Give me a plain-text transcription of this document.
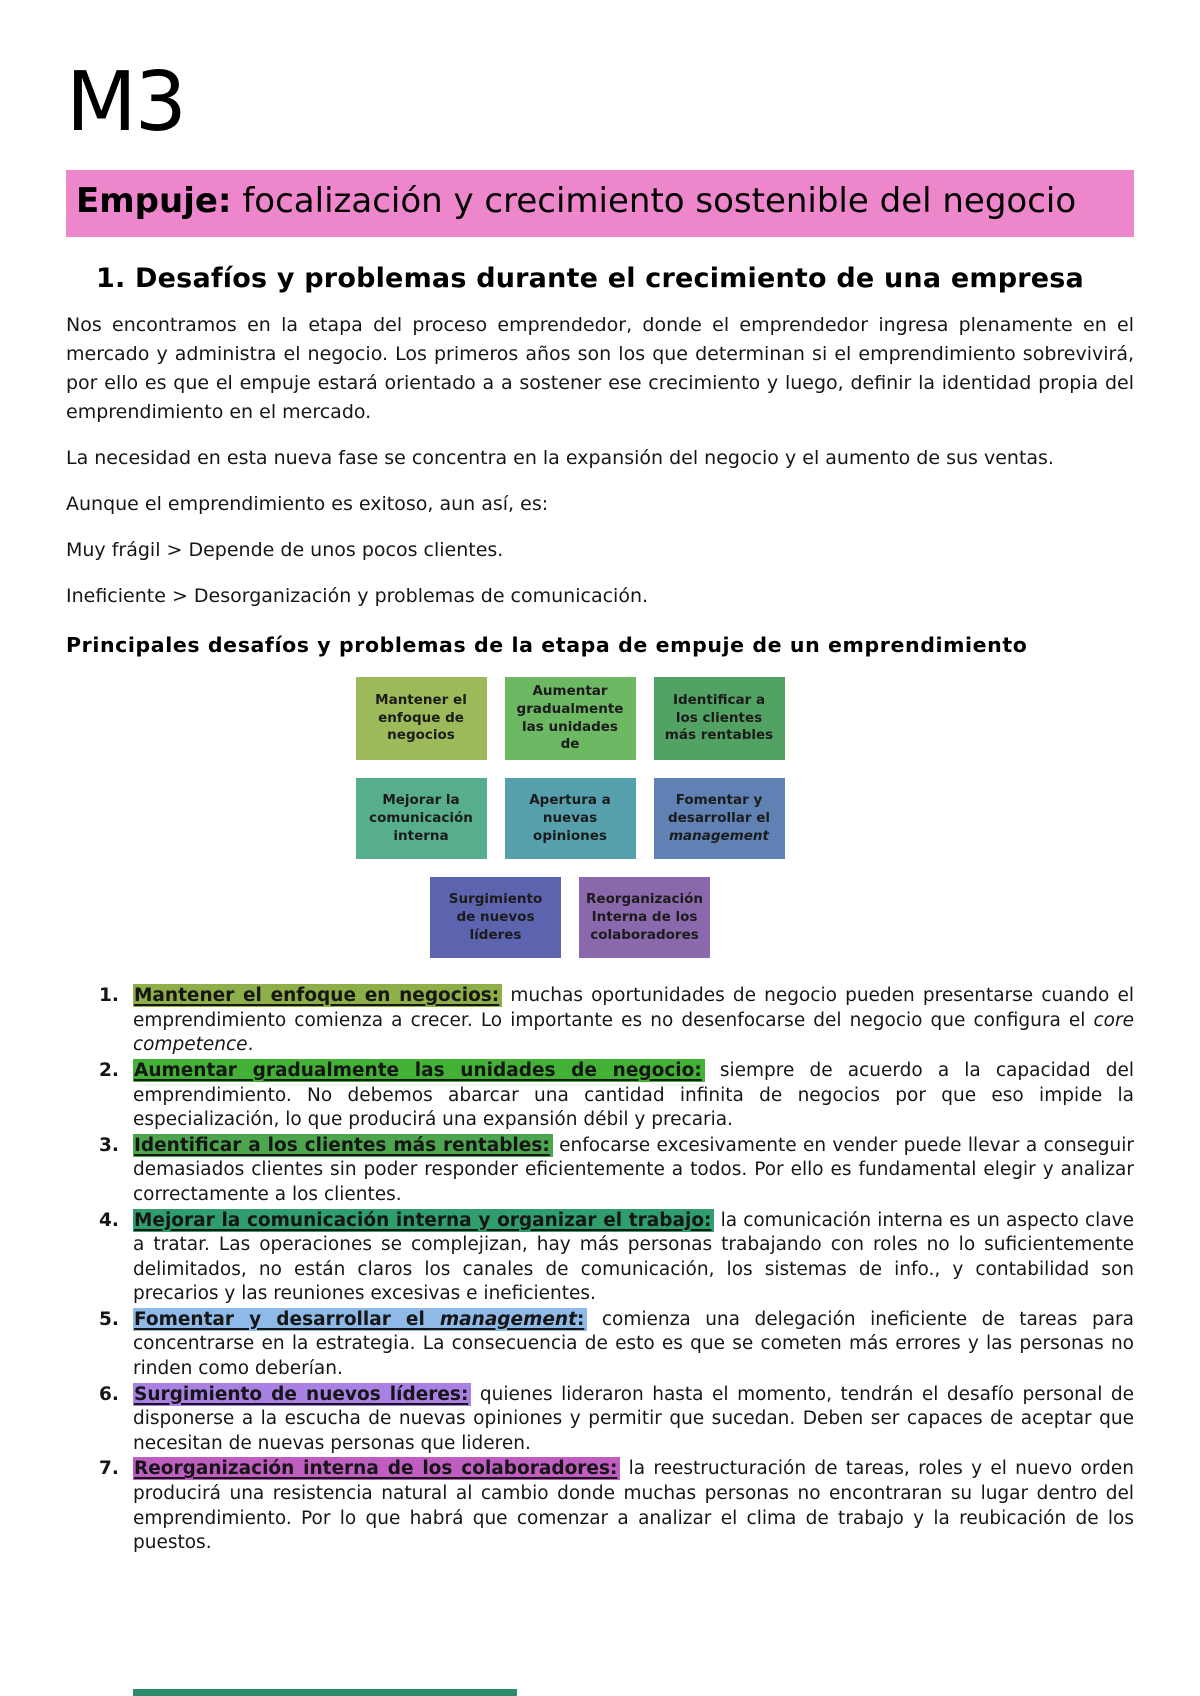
M3
Empuje: focalización y crecimiento sostenible del negocio
1. Desafíos y problemas durante el crecimiento de una empresa
Nos encontramos en la etapa del proceso emprendedor, donde el emprendedor ingresa plenamente en el mercado y administra el negocio. Los primeros años son los que determinan si el emprendimiento sobrevivirá, por ello es que el empuje estará orientado a a sostener ese crecimiento y luego, definir la identidad propia del emprendimiento en el mercado.
La necesidad en esta nueva fase se concentra en la expansión del negocio y el aumento de sus ventas.
Aunque el emprendimiento es exitoso, aun así, es:
Muy frágil > Depende de unos pocos clientes.
Ineficiente > Desorganización y problemas de comunicación.
Principales desafíos y problemas de la etapa de empuje de un emprendimiento
Mantener el enfoque de negocios
Aumentar gradualmente las unidades de
Identificar a los clientes más rentables
Mejorar la comunicación interna
Apertura a nuevas opiniones
Fomentar y desarrollar el management
Surgimiento de nuevos líderes
Reorganización Interna de los colaboradores
1. Mantener el enfoque en negocios: muchas oportunidades de negocio pueden presentarse cuando el emprendimiento comienza a crecer. Lo importante es no desenfocarse del negocio que configura el core competence.
2. Aumentar gradualmente las unidades de negocio: siempre de acuerdo a la capacidad del emprendimiento. No debemos abarcar una cantidad infinita de negocios por que eso impide la especialización, lo que producirá una expansión débil y precaria.
3. Identificar a los clientes más rentables: enfocarse excesivamente en vender puede llevar a conseguir demasiados clientes sin poder responder eficientemente a todos. Por ello es fundamental elegir y analizar correctamente a los clientes.
4. Mejorar la comunicación interna y organizar el trabajo: la comunicación interna es un aspecto clave a tratar. Las operaciones se complejizan, hay más personas trabajando con roles no lo suficientemente delimitados, no están claros los canales de comunicación, los sistemas de info., y contabilidad son precarios y las reuniones excesivas e ineficientes.
5. Fomentar y desarrollar el management: comienza una delegación ineficiente de tareas para concentrarse en la estrategia. La consecuencia de esto es que se cometen más errores y las personas no rinden como deberían.
6. Surgimiento de nuevos líderes: quienes lideraron hasta el momento, tendrán el desafío personal de disponerse a la escucha de nuevas opiniones y permitir que sucedan. Deben ser capaces de aceptar que necesitan de nuevas personas que lideren.
7. Reorganización interna de los colaboradores: la reestructuración de tareas, roles y el nuevo orden producirá una resistencia natural al cambio donde muchas personas no encontraran su lugar dentro del emprendimiento. Por lo que habrá que comenzar a analizar el clima de trabajo y la reubicación de los puestos.
